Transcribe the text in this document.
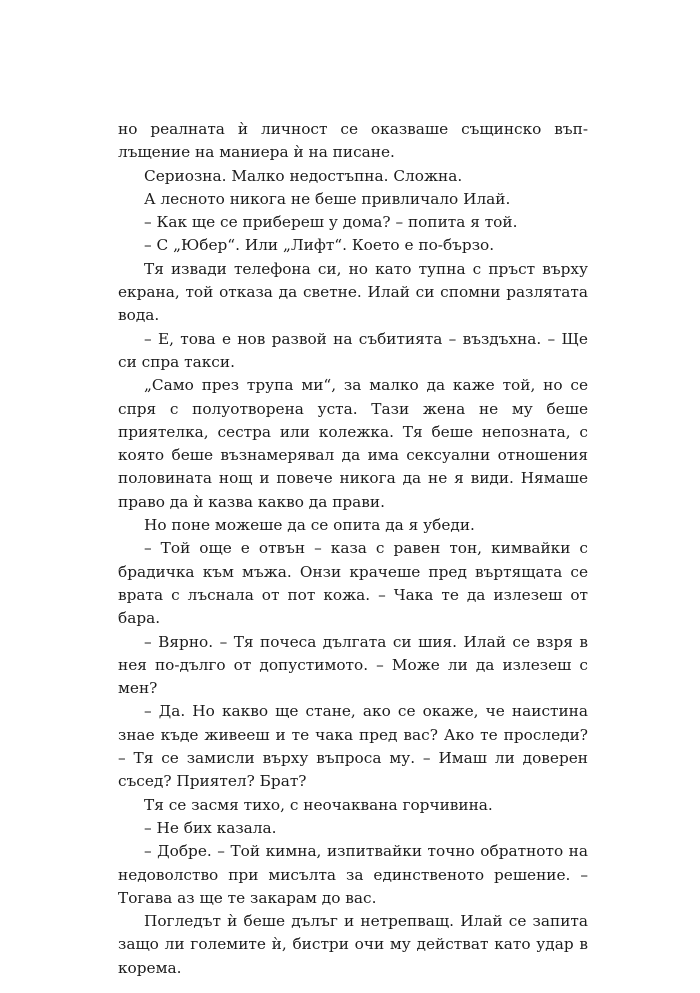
но реалната ѝ личност се оказваше същинско въплъщение на маниера ѝ на писане.

Сериозна. Малко недостъпна. Сложна.

А лесното никога не беше привличало Илай.

– Как ще се прибереш у дома? – попита я той.

– С „Юбер“. Или „Лифт“. Което е по-бързо.

Тя извади телефона си, но като тупна с пръст върху екрана, той отказа да светне. Илай си спомни разлятата вода.

– Е, това е нов развой на събитията – въздъхна. – Ще си спра такси.

„Само през трупа ми“, за малко да каже той, но се спря с полуотворена уста. Тази жена не му беше приятелка, сестра или колежка. Тя беше непозната, с която беше възнамерявал да има сексуални отношения половината нощ и повече никога да не я види. Нямаше право да ѝ казва какво да прави.

Но поне можеше да се опита да я убеди.

– Той още е отвън – каза с равен тон, кимвайки с брадичка към мъжа. Онзи крачеше пред въртящата се врата с лъснала от пот кожа. – Чака те да излезеш от бара.

– Вярно. – Тя почеса дългата си шия. Илай се взря в нея по-дълго от допустимото. – Може ли да излезеш с мен?

– Да. Но какво ще стане, ако се окаже, че наистина знае къде живееш и те чака пред вас? Ако те проследи? – Тя се замисли върху въпроса му. – Имаш ли доверен съсед? Приятел? Брат?

Тя се засмя тихо, с неочаквана горчивина.

– Не бих казала.

– Добре. – Той кимна, изпитвайки точно обратното на недоволство при мисълта за единственото решение. – Тогава аз ще те закарам до вас.

Погледът ѝ беше дълъг и нетрепващ. Илай се запита защо ли големите ѝ, бистри очи му действат като удар в корема.
